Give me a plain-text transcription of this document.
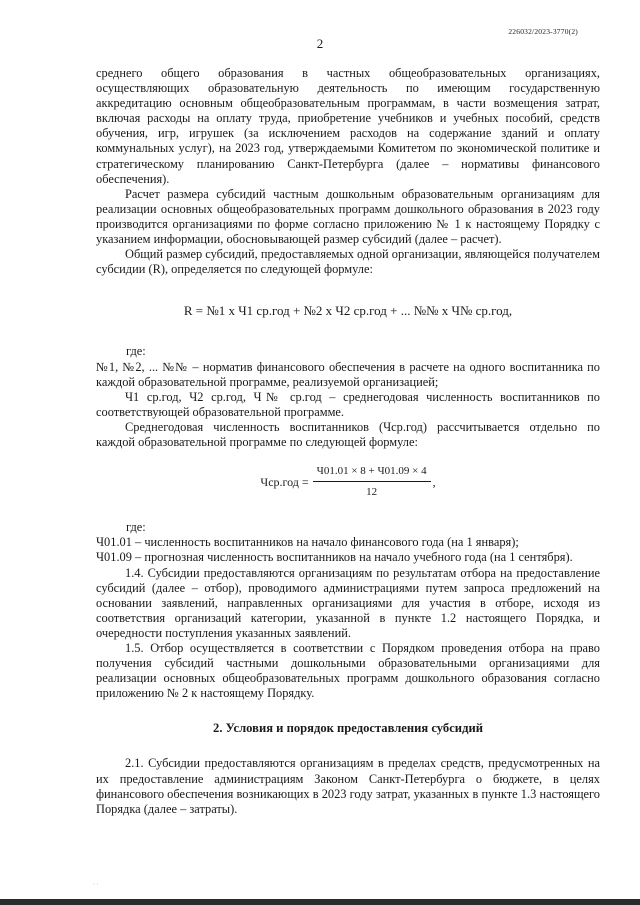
226032/2023-3770(2)
2

среднего общего образования в частных общеобразовательных организациях, осуществляющих образовательную деятельность по имеющим государственную аккредитацию основным общеобразовательным программам, в части возмещения затрат, включая расходы на оплату труда, приобретение учебников и учебных пособий, средств обучения, игр, игрушек (за исключением расходов на содержание зданий и оплату коммунальных услуг), на 2023 год, утверждаемыми Комитетом по экономической политике и стратегическому планированию Санкт-Петербурга (далее – нормативы финансового обеспечения).

Расчет размера субсидий частным дошкольным образовательным организациям для реализации основных общеобразовательных программ дошкольного образования в 2023 году производится организациями по форме согласно приложению № 1 к настоящему Порядку с указанием информации, обосновывающей размер субсидий (далее – расчет).

Общий размер субсидий, предоставляемых одной организации, являющейся получателем субсидии (R), определяется по следующей формуле:

R = №1 x Ч1 ср.год + №2 x Ч2 ср.год + ... №№ x Ч№ ср.год,

где:

№1, №2, ... №№ – норматив финансового обеспечения в расчете на одного воспитанника по каждой образовательной программе, реализуемой организацией;

Ч1 ср.год, Ч2 ср.год, Ч№ ср.год – среднегодовая численность воспитанников по соответствующей образовательной программе.

Среднегодовая численность воспитанников (Чср.год) рассчитывается отдельно по каждой образовательной программе по следующей формуле:

$Чср.год = \frac{Ч01.01 \times 8 + Ч01.09 \times 4}{12}$ ,

где:

Ч01.01 – численность воспитанников на начало финансового года (на 1 января);

Ч01.09 – прогнозная численность воспитанников на начало учебного года (на 1 сентября).

1.4. Субсидии предоставляются организациям по результатам отбора на предоставление субсидий (далее – отбор), проводимого администрациями путем запроса предложений на основании заявлений, направленных организациями для участия в отборе, исходя из соответствия организаций категории, указанной в пункте 1.2 настоящего Порядка, и очередности поступления указанных заявлений.

1.5. Отбор осуществляется в соответствии с Порядком проведения отбора на право получения субсидий частными дошкольными образовательными организациями для реализации основных общеобразовательных программ дошкольного образования согласно приложению № 2 к настоящему Порядку.

2. Условия и порядок предоставления субсидий

2.1. Субсидии предоставляются организациям в пределах средств, предусмотренных на их предоставление администрациям Законом Санкт-Петербурга о бюджете, в целях финансового обеспечения возникающих в 2023 году затрат, указанных в пункте 1.3 настоящего Порядка (далее – затраты).

· ·
